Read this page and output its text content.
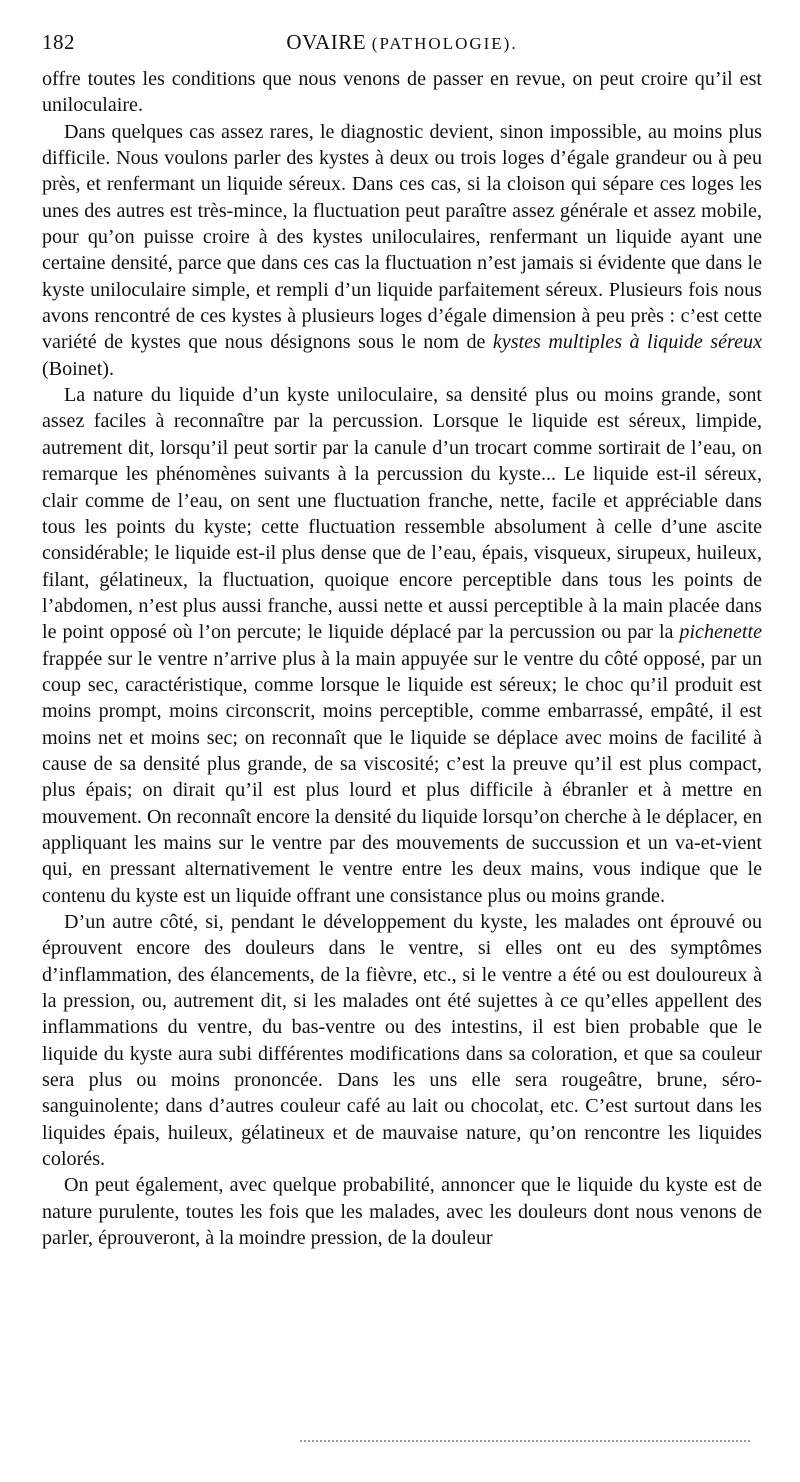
182	OVAIRE (PATHOLOGIE).

offre toutes les conditions que nous venons de passer en revue, on peut croire qu’il est uniloculaire.

Dans quelques cas assez rares, le diagnostic devient, sinon impossible, au moins plus difficile. Nous voulons parler des kystes à deux ou trois loges d’égale grandeur ou à peu près, et renfermant un liquide séreux. Dans ces cas, si la cloison qui sépare ces loges les unes des autres est très-mince, la fluctuation peut paraître assez générale et assez mobile, pour qu’on puisse croire à des kystes uniloculaires, renfermant un liquide ayant une certaine densité, parce que dans ces cas la fluctuation n’est jamais si évidente que dans le kyste uniloculaire simple, et rempli d’un liquide parfaitement séreux. Plusieurs fois nous avons rencontré de ces kystes à plusieurs loges d’égale dimension à peu près : c’est cette variété de kystes que nous désignons sous le nom de kystes multiples à liquide séreux (Boinet).

La nature du liquide d’un kyste uniloculaire, sa densité plus ou moins grande, sont assez faciles à reconnaître par la percussion. Lorsque le liquide est séreux, limpide, autrement dit, lorsqu’il peut sortir par la canule d’un trocart comme sortirait de l’eau, on remarque les phénomènes suivants à la percussion du kyste... Le liquide est-il séreux, clair comme de l’eau, on sent une fluctuation franche, nette, facile et appréciable dans tous les points du kyste; cette fluctuation ressemble absolument à celle d’une ascite considérable; le liquide est-il plus dense que de l’eau, épais, visqueux, sirupeux, huileux, filant, gélatineux, la fluctuation, quoique encore perceptible dans tous les points de l’abdomen, n’est plus aussi franche, aussi nette et aussi perceptible à la main placée dans le point opposé où l’on percute; le liquide déplacé par la percussion ou par la pichenette frappée sur le ventre n’arrive plus à la main appuyée sur le ventre du côté opposé, par un coup sec, caractéristique, comme lorsque le liquide est séreux; le choc qu’il produit est moins prompt, moins circonscrit, moins perceptible, comme embarrassé, empâté, il est moins net et moins sec; on reconnaît que le liquide se déplace avec moins de facilité à cause de sa densité plus grande, de sa viscosité; c’est la preuve qu’il est plus compact, plus épais; on dirait qu’il est plus lourd et plus difficile à ébranler et à mettre en mouvement. On reconnaît encore la densité du liquide lorsqu’on cherche à le déplacer, en appliquant les mains sur le ventre par des mouvements de succussion et un va-et-vient qui, en pressant alternativement le ventre entre les deux mains, vous indique que le contenu du kyste est un liquide offrant une consistance plus ou moins grande.

D’un autre côté, si, pendant le développement du kyste, les malades ont éprouvé ou éprouvent encore des douleurs dans le ventre, si elles ont eu des symptômes d’inflammation, des élancements, de la fièvre, etc., si le ventre a été ou est douloureux à la pression, ou, autrement dit, si les malades ont été sujettes à ce qu’elles appellent des inflammations du ventre, du bas-ventre ou des intestins, il est bien probable que le liquide du kyste aura subi différentes modifications dans sa coloration, et que sa couleur sera plus ou moins prononcée. Dans les uns elle sera rougeâtre, brune, séro-sanguinolente; dans d’autres couleur café au lait ou chocolat, etc. C’est surtout dans les liquides épais, huileux, gélatineux et de mauvaise nature, qu’on rencontre les liquides colorés.

On peut également, avec quelque probabilité, annoncer que le liquide du kyste est de nature purulente, toutes les fois que les malades, avec les douleurs dont nous venons de parler, éprouveront, à la moindre pression, de la douleur
